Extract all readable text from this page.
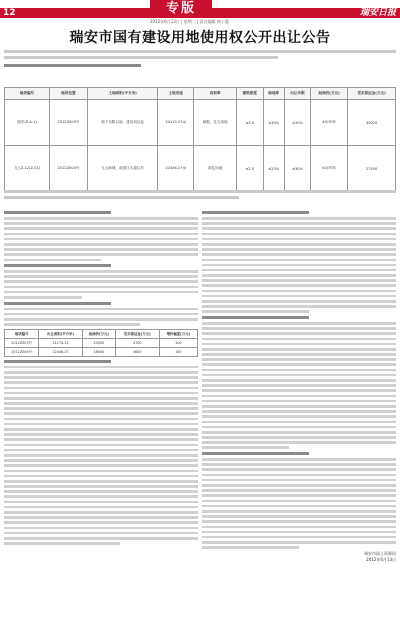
12	专版	瑞安日报
2012年6月13日 | 星期三 | 责任编辑 林小惠
瑞安市国有建设用地使用权公开出让公告
地块编号	地块位置	土地面积(平方米)	土地用途	容积率	建筑密度	绿地率	出让年限	起始价(万元)	竞买保证金(万元)
瑞安(Z-A-1)	2012Z003号	瑞下东路以南、建设局以北	24115.27㎡	商服、住宅用地	≤3.0	≤30%	≥30%	40/70年	33020
飞云Z-12(Z-S1)	2012Z004号	飞云新城、南滨江大道以东	22446.27㎡	商住用地	≤2.5	≤25%	≥30%	40/70年	27500
地块编号	出让面积(平方米)	起始价(万元)	竞买保证金(万元)	增价幅度(万元)
2012Z003号	21174.22	23000	4700	100
2012Z004号	22446.27	18000	3600	100
瑞安市国土资源局
2012年6月13日
